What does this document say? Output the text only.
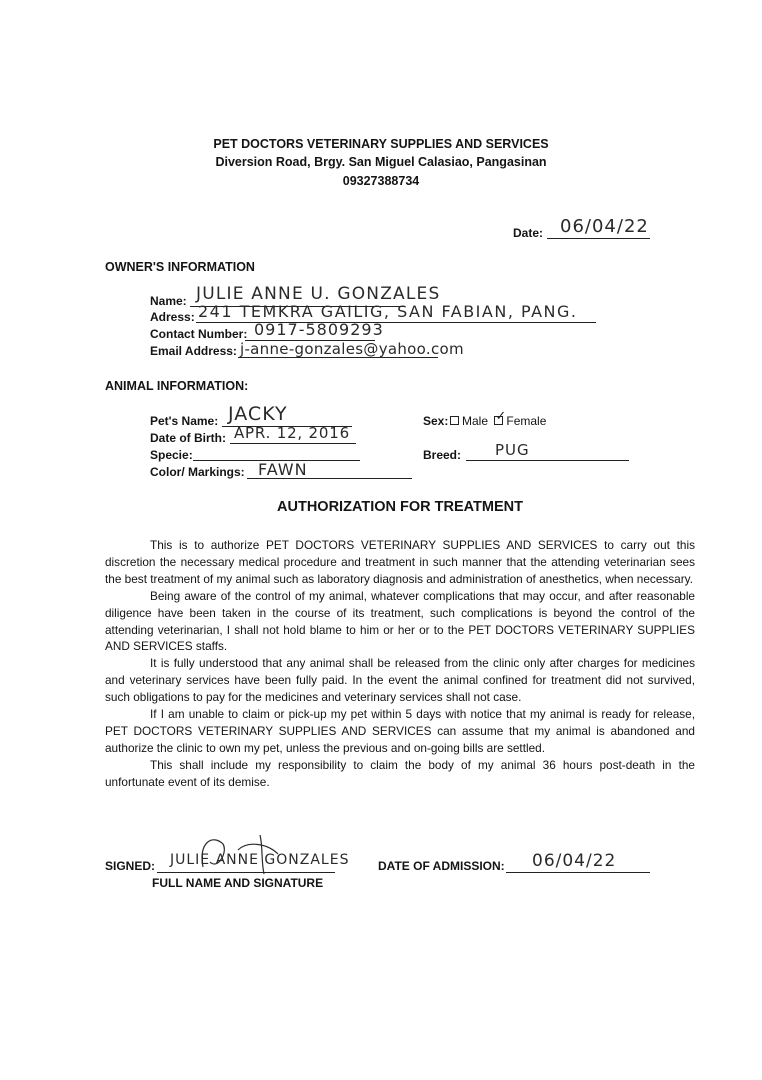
PET DOCTORS VETERINARY SUPPLIES AND SERVICES
Diversion Road, Brgy. San Miguel Calasiao, Pangasinan
09327388734
Date: 06/04/22
OWNER'S INFORMATION
Name: JULIE ANNE U. GONZALES
Adress: 241 TEMKRA GAILIG, SAN FABIAN, PANG.
Contact Number: 0917-5809293
Email Address: j-anne-gonzales@yahoo.com
ANIMAL INFORMATION:
Pet's Name: JACKY
Date of Birth: APR. 12, 2016
Specie:
Color/ Markings: FAWN
Sex:	Male ✓ Female
Breed: PUG
AUTHORIZATION FOR TREATMENT

This is to authorize PET DOCTORS VETERINARY SUPPLIES AND SERVICES to carry out this discretion the necessary medical procedure and treatment in such manner that the attending veterinarian sees the best treatment of my animal such as laboratory diagnosis and administration of anesthetics, when necessary.

Being aware of the control of my animal, whatever complications that may occur, and after reasonable diligence have been taken in the course of its treatment, such complications is beyond the control of the attending veterinarian, I shall not hold blame to him or her or to the PET DOCTORS VETERINARY SUPPLIES AND SERVICES staffs.

It is fully understood that any animal shall be released from the clinic only after charges for medicines and veterinary services have been fully paid. In the event the animal confined for treatment did not survived, such obligations to pay for the medicines and veterinary services shall not case.

If I am unable to claim or pick-up my pet within 5 days with notice that my animal is ready for release, PET DOCTORS VETERINARY SUPPLIES AND SERVICES can assume that my animal is abandoned and authorize the clinic to own my pet, unless the previous and on-going bills are settled.

This shall include my responsibility to claim the body of my animal 36 hours post-death in the unfortunate event of its demise.

SIGNED: JULIE ANNE GONZALES
FULL NAME AND SIGNATURE
DATE OF ADMISSION: 06/04/22
